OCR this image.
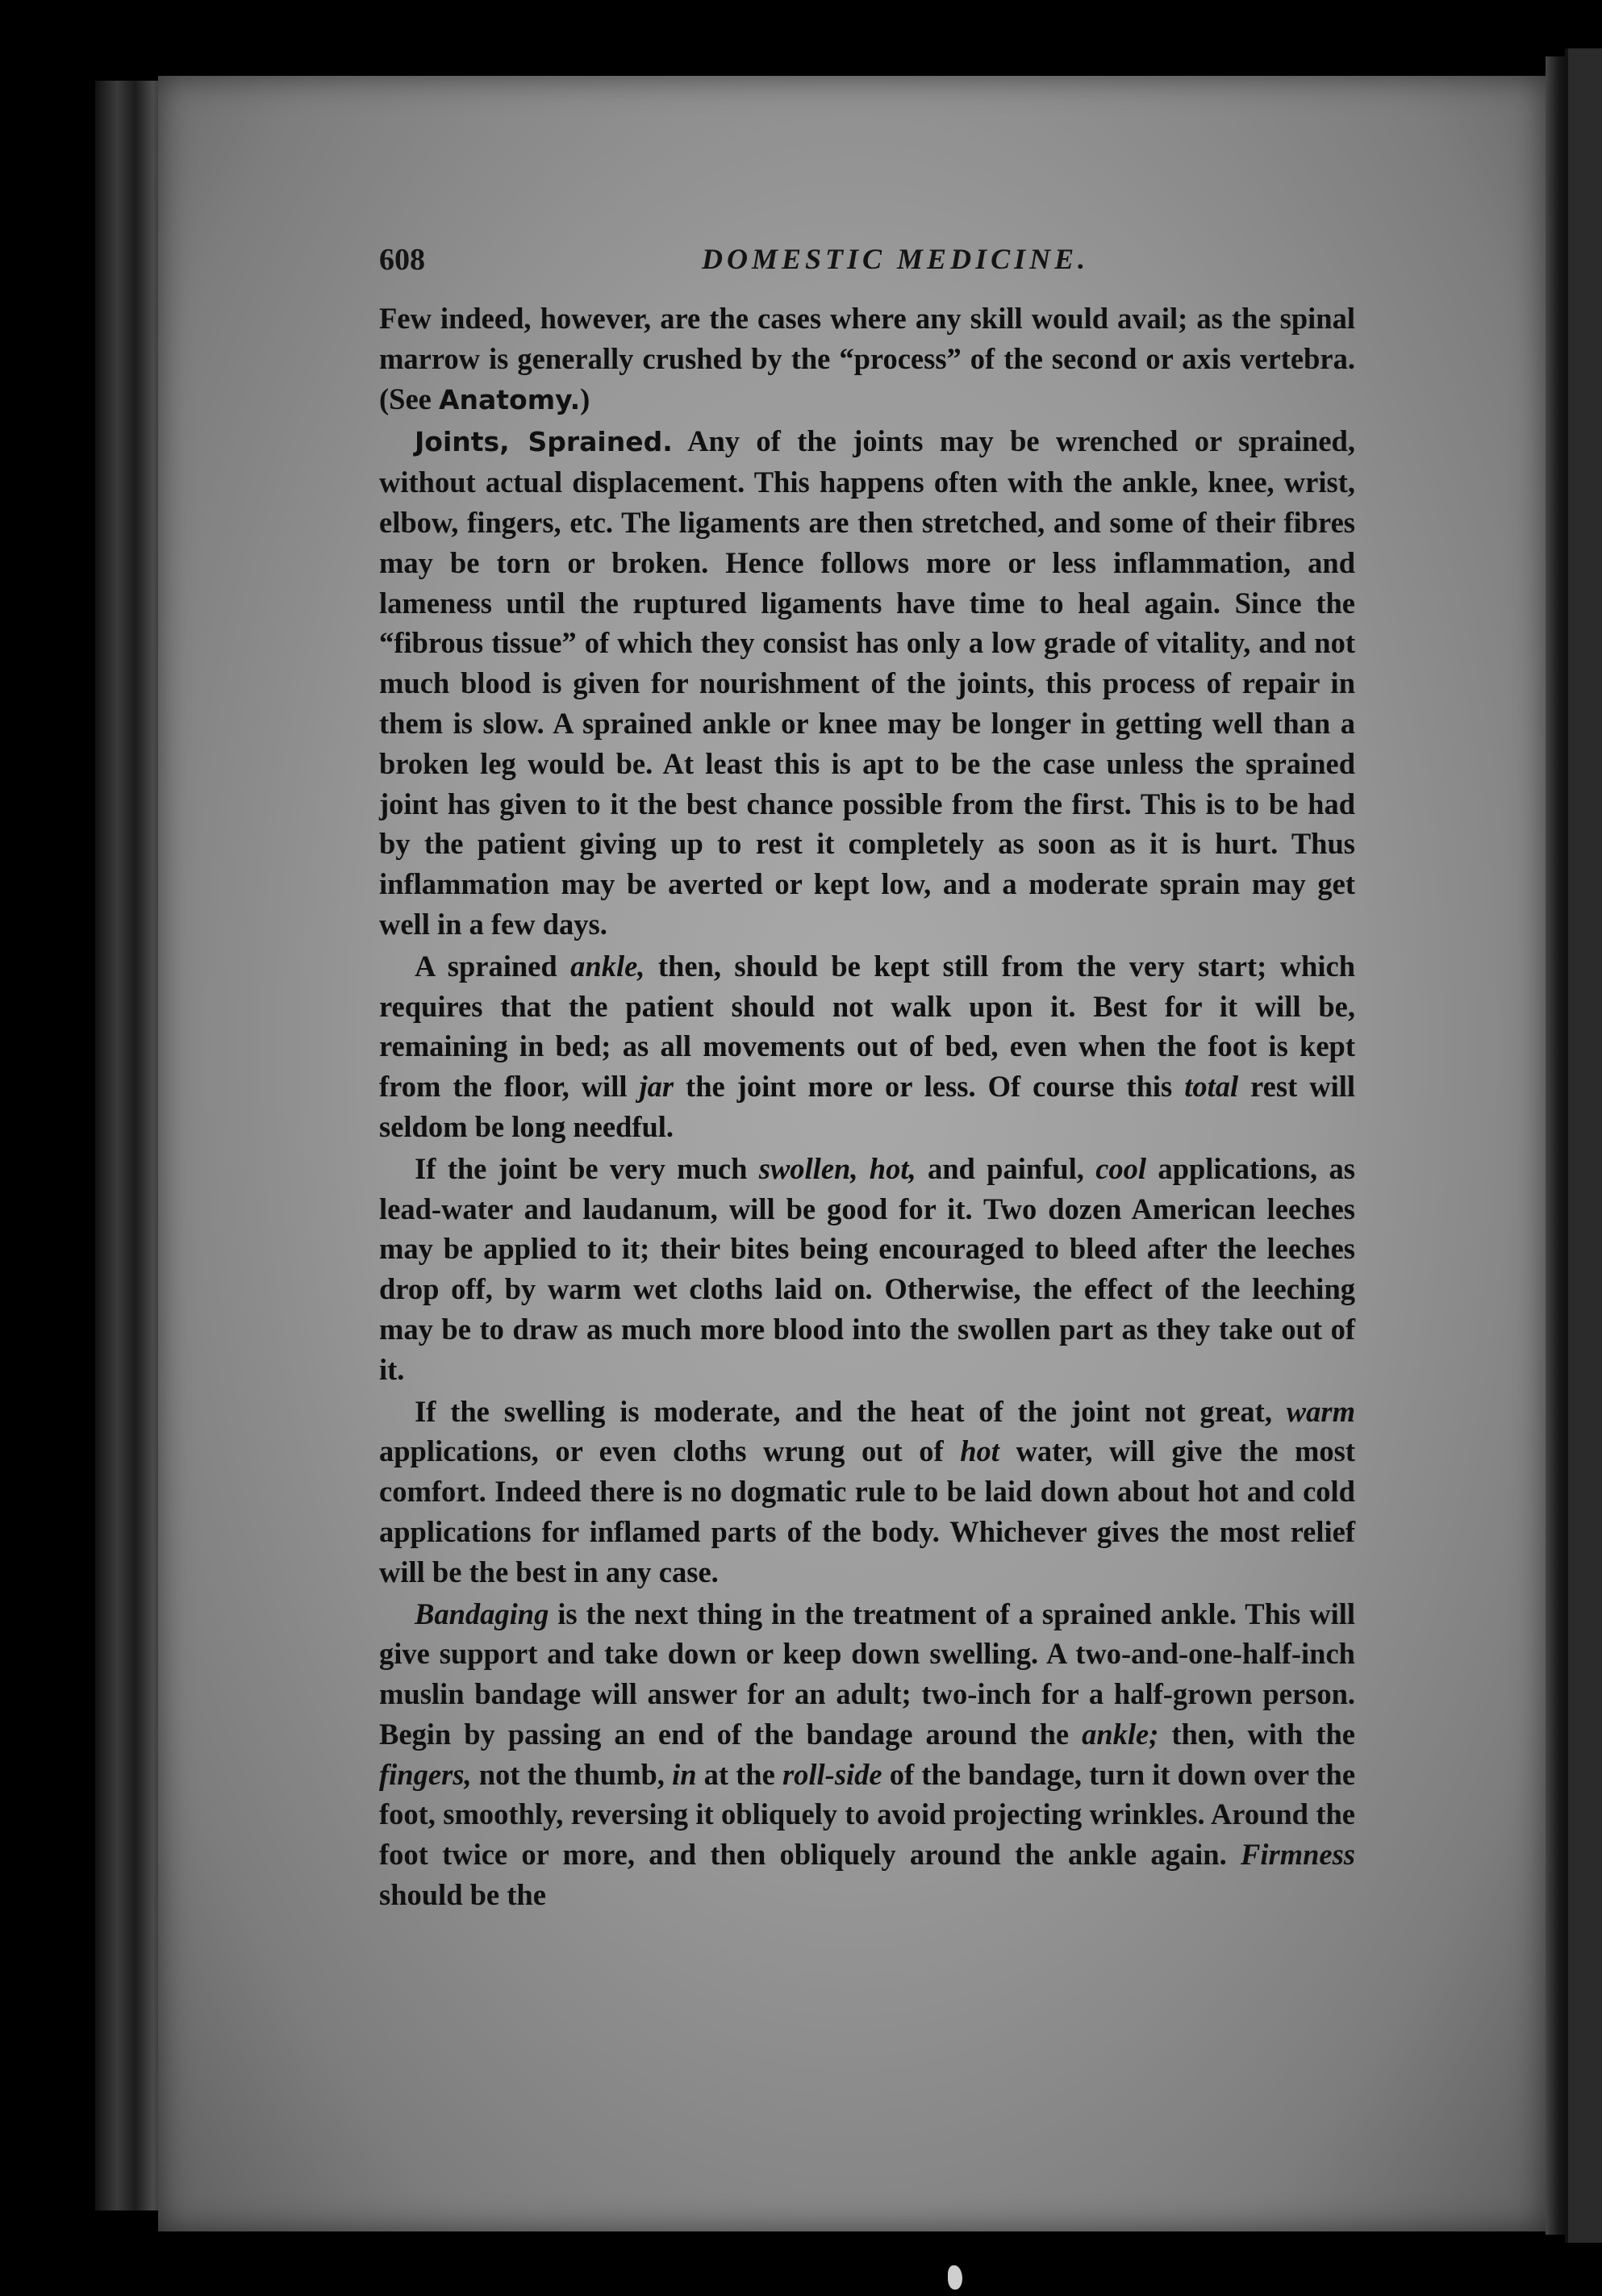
608	DOMESTIC MEDICINE.

Few indeed, however, are the cases where any skill would avail; as the spinal marrow is generally crushed by the “process” of the second or axis vertebra. (See Anatomy.)

Joints, Sprained. Any of the joints may be wrenched or sprained, without actual displacement. This happens often with the ankle, knee, wrist, elbow, fingers, etc. The ligaments are then stretched, and some of their fibres may be torn or broken. Hence follows more or less inflammation, and lameness until the ruptured ligaments have time to heal again. Since the “fibrous tissue” of which they consist has only a low grade of vitality, and not much blood is given for nourishment of the joints, this process of repair in them is slow. A sprained ankle or knee may be longer in getting well than a broken leg would be. At least this is apt to be the case unless the sprained joint has given to it the best chance possible from the first. This is to be had by the patient giving up to rest it completely as soon as it is hurt. Thus inflammation may be averted or kept low, and a moderate sprain may get well in a few days.

A sprained ankle, then, should be kept still from the very start; which requires that the patient should not walk upon it. Best for it will be, remaining in bed; as all movements out of bed, even when the foot is kept from the floor, will jar the joint more or less. Of course this total rest will seldom be long needful.

If the joint be very much swollen, hot, and painful, cool applications, as lead-water and laudanum, will be good for it. Two dozen American leeches may be applied to it; their bites being encouraged to bleed after the leeches drop off, by warm wet cloths laid on. Otherwise, the effect of the leeching may be to draw as much more blood into the swollen part as they take out of it.

If the swelling is moderate, and the heat of the joint not great, warm applications, or even cloths wrung out of hot water, will give the most comfort. Indeed there is no dogmatic rule to be laid down about hot and cold applications for inflamed parts of the body. Whichever gives the most relief will be the best in any case.

Bandaging is the next thing in the treatment of a sprained ankle. This will give support and take down or keep down swelling. A two-and-one-half-inch muslin bandage will answer for an adult; two-inch for a half-grown person. Begin by passing an end of the bandage around the ankle; then, with the fingers, not the thumb, in at the roll-side of the bandage, turn it down over the foot, smoothly, reversing it obliquely to avoid projecting wrinkles. Around the foot twice or more, and then obliquely around the ankle again. Firmness should be the
